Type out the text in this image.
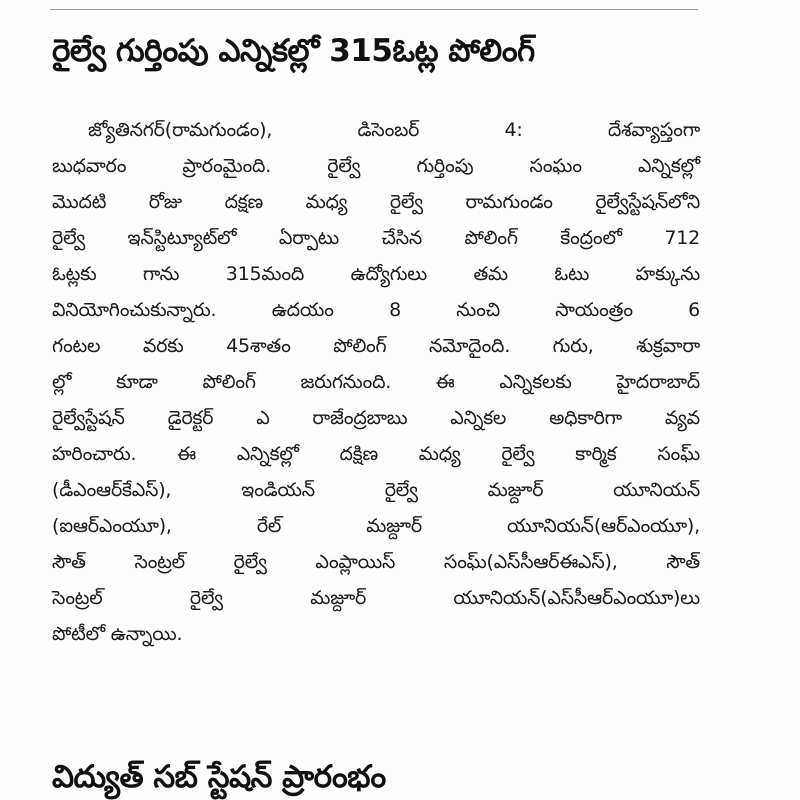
రైల్వే గుర్తింపు ఎన్నికల్లో 315ఓట్ల పోలింగ్

జ్యోతినగర్(రామగుండం), డిసెంబర్ 4: దేశవ్యాప్తంగా
బుధవారం ప్రారంమైంది. రైల్వే గుర్తింపు సంఘం ఎన్నికల్లో
మొదటి రోజు దక్షణ మధ్య రైల్వే రామగుండం రైల్వేస్టేషన్‌లోని
రైల్వే ఇన్‌స్టిట్యూట్‌లో ఏర్పాటు చేసిన పోలింగ్ కేంద్రంలో 712
ఓట్లకు గాను 315మంది ఉద్యోగులు తమ ఓటు హక్కును
వినియోగించుకున్నారు. ఉదయం 8 నుంచి సాయంత్రం 6
గంటల వరకు 45శాతం పోలింగ్ నమోదైంది. గురు, శుక్రవారా
ల్లో కూడా పోలింగ్ జరుగనుంది. ఈ ఎన్నికలకు హైదరాబాద్
రైల్వేస్టేషన్ డైరెక్టర్ ఎ రాజేంద్రబాబు ఎన్నికల అధికారిగా వ్యవ
హరించారు. ఈ ఎన్నికల్లో దక్షిణ మధ్య రైల్వే కార్మిక సంఘ్
(డీఎంఆర్‌కేఎస్), ఇండియన్ రైల్వే మజ్దూర్ యూనియన్
(ఐఆర్ఎంయూ), రేల్ మజ్దూర్ యూనియన్(ఆర్ఎంయూ),
సౌత్ సెంట్రల్ రైల్వే ఎంప్లాయిస్ సంఘ్(ఎస్‌సీఆర్‌ఈఎస్), సౌత్
సెంట్రల్ రైల్వే మజ్దూర్ యూనియన్(ఎస్‌సీఆర్ఎంయూ)లు
పోటీలో ఉన్నాయి.

విద్యుత్ సబ్ స్టేషన్ ప్రారంభం
